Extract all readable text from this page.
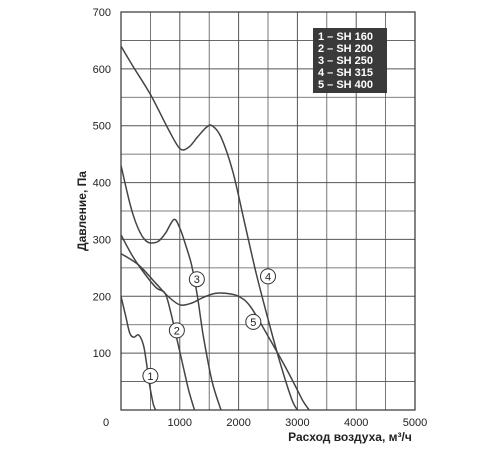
1
2
3	4
5
0	1000	2000	3000	4000	5000
100
200
300
400
500
600
700
Расход воздуха, м³/ч
Давление, Па
1 – SH 160
2 – SH 200
3 – SH 250
4 – SH 315
5 – SH 400
